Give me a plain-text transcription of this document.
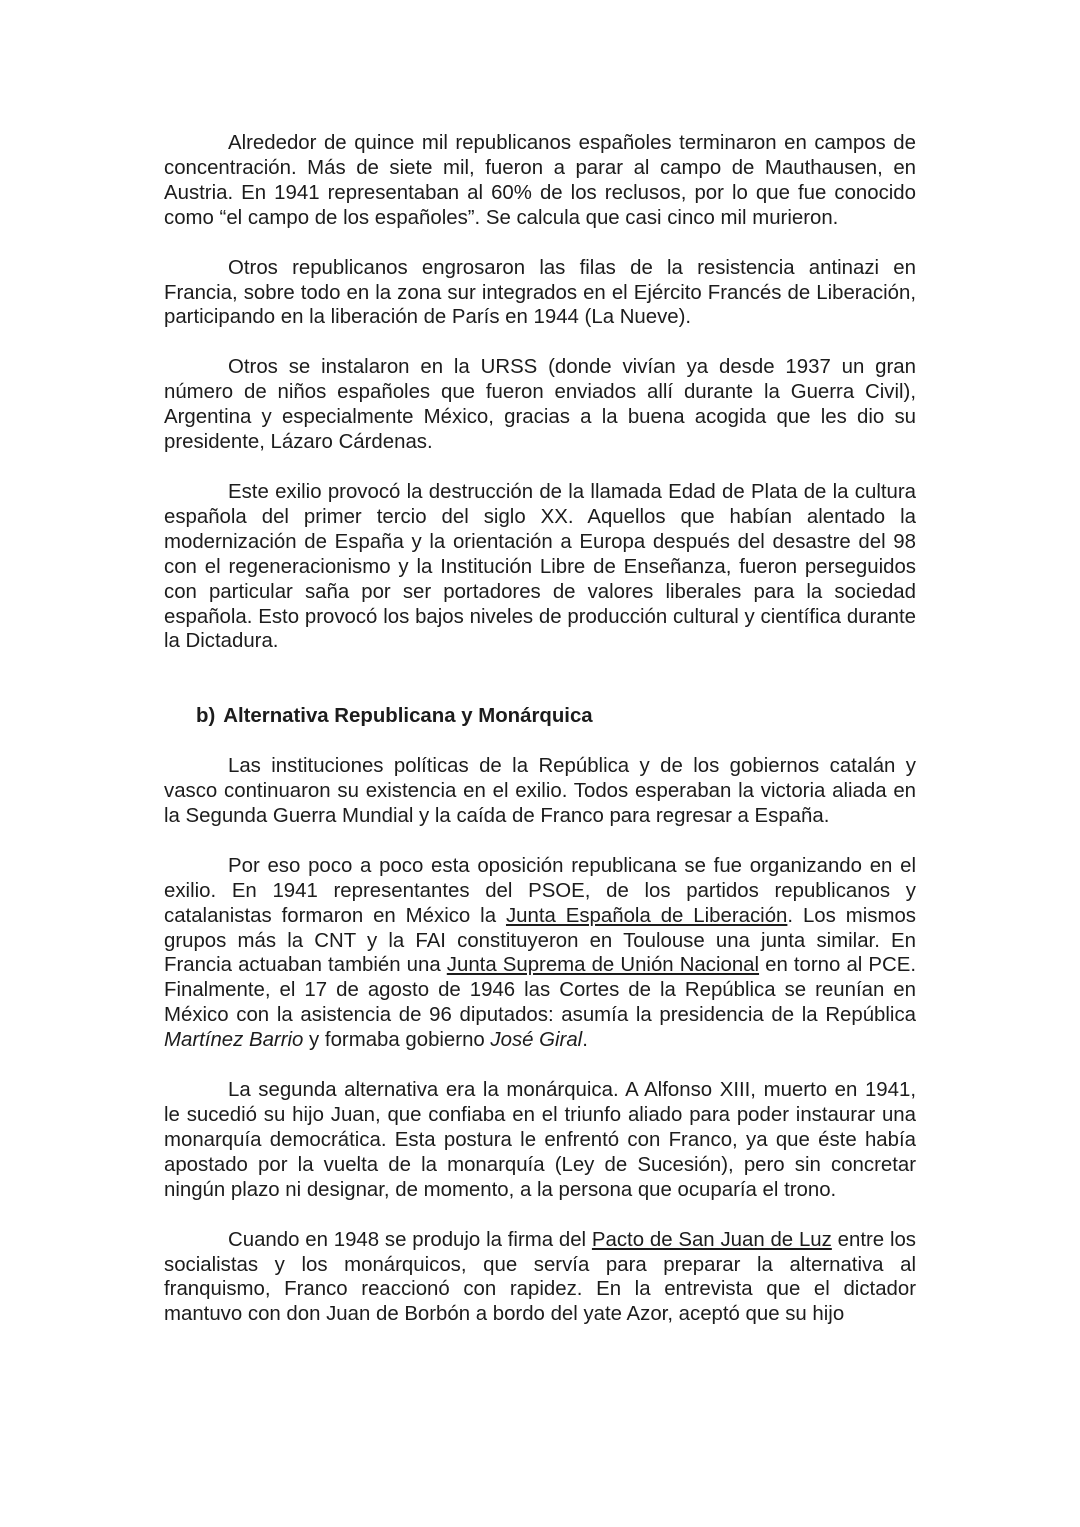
Alrededor de quince mil republicanos españoles terminaron en campos de concentración. Más de siete mil, fueron a parar al campo de Mauthausen, en Austria. En 1941 representaban al 60% de los reclusos, por lo que fue conocido como “el campo de los españoles”. Se calcula que casi cinco mil murieron.

Otros republicanos engrosaron las filas de la resistencia antinazi en Francia, sobre todo en la zona sur integrados en el Ejército Francés de Liberación, participando en la liberación de París en 1944 (La Nueve).

Otros se instalaron en la URSS (donde vivían ya desde 1937 un gran número de niños españoles que fueron enviados allí durante la Guerra Civil), Argentina y especialmente México, gracias a la buena acogida que les dio su presidente, Lázaro Cárdenas.

Este exilio provocó la destrucción de la llamada Edad de Plata de la cultura española del primer tercio del siglo XX. Aquellos que habían alentado la modernización de España y la orientación a Europa después del desastre del 98 con el regeneracionismo y la Institución Libre de Enseñanza, fueron perseguidos con particular saña por ser portadores de valores liberales para la sociedad española. Esto provocó los bajos niveles de producción cultural y científica durante la Dictadura.

b) Alternativa Republicana y Monárquica

Las instituciones políticas de la República y de los gobiernos catalán y vasco continuaron su existencia en el exilio. Todos esperaban la victoria aliada en la Segunda Guerra Mundial y la caída de Franco para regresar a España.

Por eso poco a poco esta oposición republicana se fue organizando en el exilio. En 1941 representantes del PSOE, de los partidos republicanos y catalanistas formaron en México la Junta Española de Liberación. Los mismos grupos más la CNT y la FAI constituyeron en Toulouse una junta similar. En Francia actuaban también una Junta Suprema de Unión Nacional en torno al PCE. Finalmente, el 17 de agosto de 1946 las Cortes de la República se reunían en México con la asistencia de 96 diputados: asumía la presidencia de la República Martínez Barrio y formaba gobierno José Giral.

La segunda alternativa era la monárquica. A Alfonso XIII, muerto en 1941, le sucedió su hijo Juan, que confiaba en el triunfo aliado para poder instaurar una monarquía democrática. Esta postura le enfrentó con Franco, ya que éste había apostado por la vuelta de la monarquía (Ley de Sucesión), pero sin concretar ningún plazo ni designar, de momento, a la persona que ocuparía el trono.

Cuando en 1948 se produjo la firma del Pacto de San Juan de Luz entre los socialistas y los monárquicos, que servía para preparar la alternativa al franquismo, Franco reaccionó con rapidez. En la entrevista que el dictador mantuvo con don Juan de Borbón a bordo del yate Azor, aceptó que su hijo
